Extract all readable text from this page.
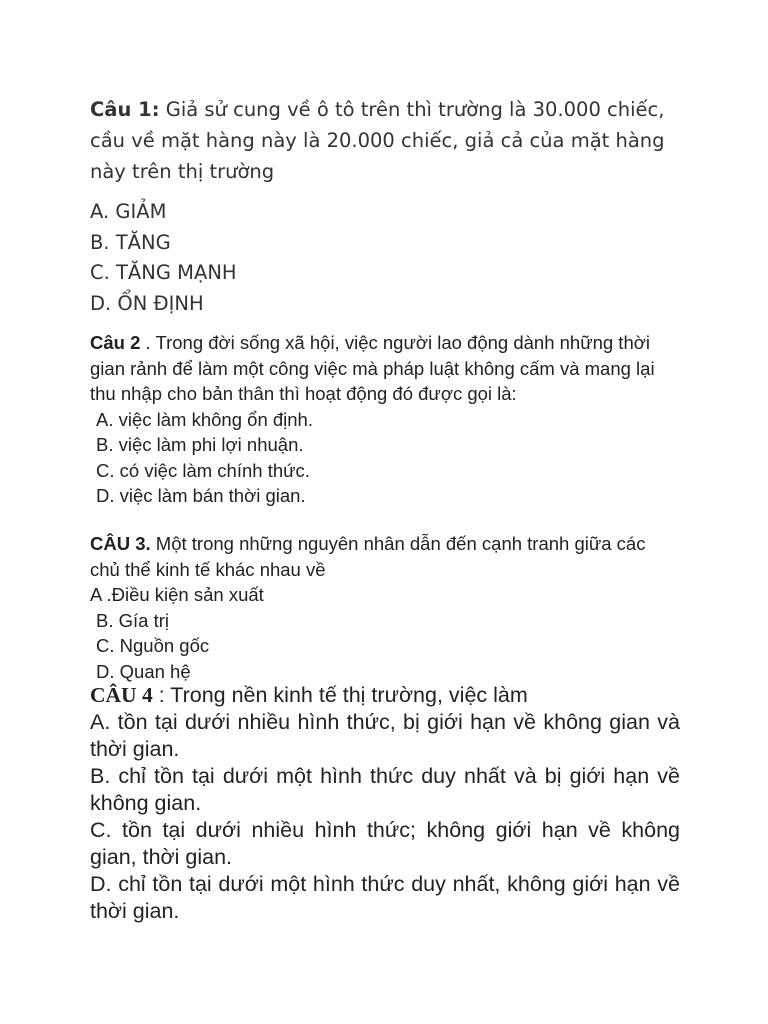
Câu 1: Giả sử cung về ô tô trên thì trường là 30.000 chiếc, cầu về mặt hàng này là 20.000 chiếc, giả cả của mặt hàng này trên thị trường
A. GIẢM
B. TĂNG
C. TĂNG MẠNH
D. ỔN ĐỊNH
Câu 2 . Trong đời sống xã hội, việc người lao động dành những thời gian rảnh để làm một công việc mà pháp luật không cấm và mang lại thu nhập cho bản thân thì hoạt động đó được gọi là:
A. việc làm không ổn định.
B. việc làm phi lợi nhuận.
C. có việc làm chính thức.
D. việc làm bán thời gian.
CÂU 3. Một trong những nguyên nhân dẫn đến cạnh tranh giữa các chủ thể kinh tế khác nhau về
A .Điều kiện sản xuất
B. Gía trị
C. Nguồn gốc
D. Quan hệ
CÂU 4 : Trong nền kinh tế thị trường, việc làm
A. tồn tại dưới nhiều hình thức, bị giới hạn về không gian và thời gian.
B. chỉ tồn tại dưới một hình thức duy nhất và bị giới hạn về không gian.
C. tồn tại dưới nhiều hình thức; không giới hạn về không gian, thời gian.
D. chỉ tồn tại dưới một hình thức duy nhất, không giới hạn về thời gian.
